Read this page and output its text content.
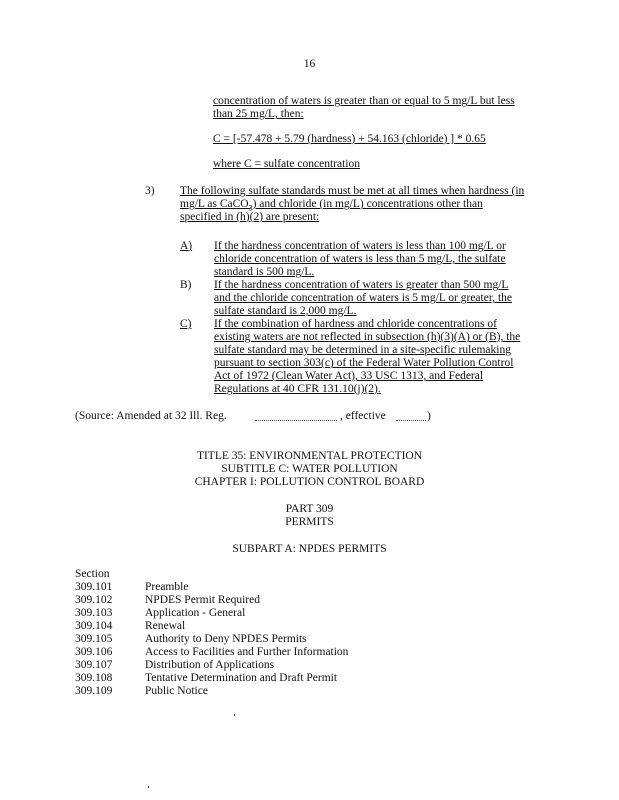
16
concentration of waters is greater than or equal to 5 mg/L but less
than 25 mg/L, then:
C = [-57.478 + 5.79 (hardness) + 54.163 (chloride) ] * 0.65
where C = sulfate concentration
3) The following sulfate standards must be met at all times when hardness (in
mg/L as CaCO$_3$) and chloride (in mg/L) concentrations other than
specified in (h)(2) are present:
A) If the hardness concentration of waters is less than 100 mg/L or
chloride concentration of waters is less than 5 mg/L, the sulfate
standard is 500 mg/L.
B) If the hardness concentration of waters is greater than 500 mg/L
and the chloride concentration of waters is 5 mg/L or greater, the
sulfate standard is 2,000 mg/L.
C) If the combination of hardness and chloride concentrations of
existing waters are not reflected in subsection (h)(3)(A) or (B), the
sulfate standard may be determined in a site-specific rulemaking
pursuant to section 303(c) of the Federal Water Pollution Control
Act of 1972 (Clean Water Act), 33 USC 1313, and Federal
Regulations at 40 CFR 131.10(j)(2).
(Source: Amended at 32 Ill. Reg.	, effective	)
TITLE 35: ENVIRONMENTAL PROTECTION
SUBTITLE C: WATER POLLUTION
CHAPTER I: POLLUTION CONTROL BOARD
PART 309
PERMITS
SUBPART A: NPDES PERMITS
Section
309.101	Preamble
309.102	NPDES Permit Required
309.103	Application - General
309.104	Renewal
309.105	Authority to Deny NPDES Permits
309.106	Access to Facilities and Further Information
309.107	Distribution of Applications
309.108	Tentative Determination and Draft Permit
309.109	Public Notice
